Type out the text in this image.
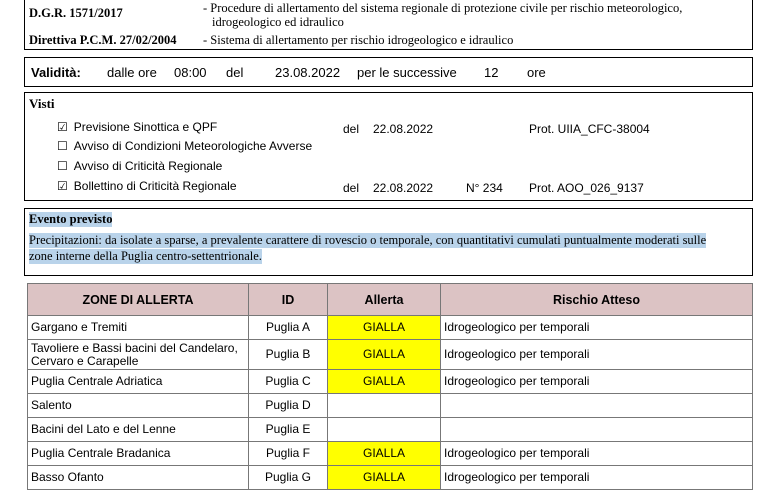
D.G.R. 1571/2017	- Procedure di allertamento del sistema regionale di protezione civile per rischio meteorologico,
idrogeologico ed idraulico
Direttiva P.C.M. 27/02/2004 - Sistema di allertamento per rischio idrogeologico e idraulico
Validità: dalle ore 08:00 del 23.08.2022 per le successive 12 ore
Visti
☑ Previsione Sinottica e QPF	del 22.08.2022	Prot. UIIA_CFC-38004
☐ Avviso di Condizioni Meteorologiche Avverse
☐ Avviso di Criticità Regionale
☑ Bollettino di Criticità Regionale	del 22.08.2022	N° 234 Prot. AOO_026_9137
Evento previsto
Precipitazioni: da isolate a sparse, a prevalente carattere di rovescio o temporale, con quantitativi cumulati puntualmente moderati sulle
zone interne della Puglia centro-settentrionale.
ZONE DI ALLERTA	ID	Allerta	Rischio Atteso
Gargano e Tremiti	Puglia A	GIALLA	Idrogeologico per temporali
Tavoliere e Bassi bacini del Candelaro, Cervaro e Carapelle	Puglia B	GIALLA	Idrogeologico per temporali
Puglia Centrale Adriatica	Puglia C	GIALLA	Idrogeologico per temporali
Salento	Puglia D		
Bacini del Lato e del Lenne	Puglia E		
Puglia Centrale Bradanica	Puglia F	GIALLA	Idrogeologico per temporali
Basso Ofanto	Puglia G	GIALLA	Idrogeologico per temporali
